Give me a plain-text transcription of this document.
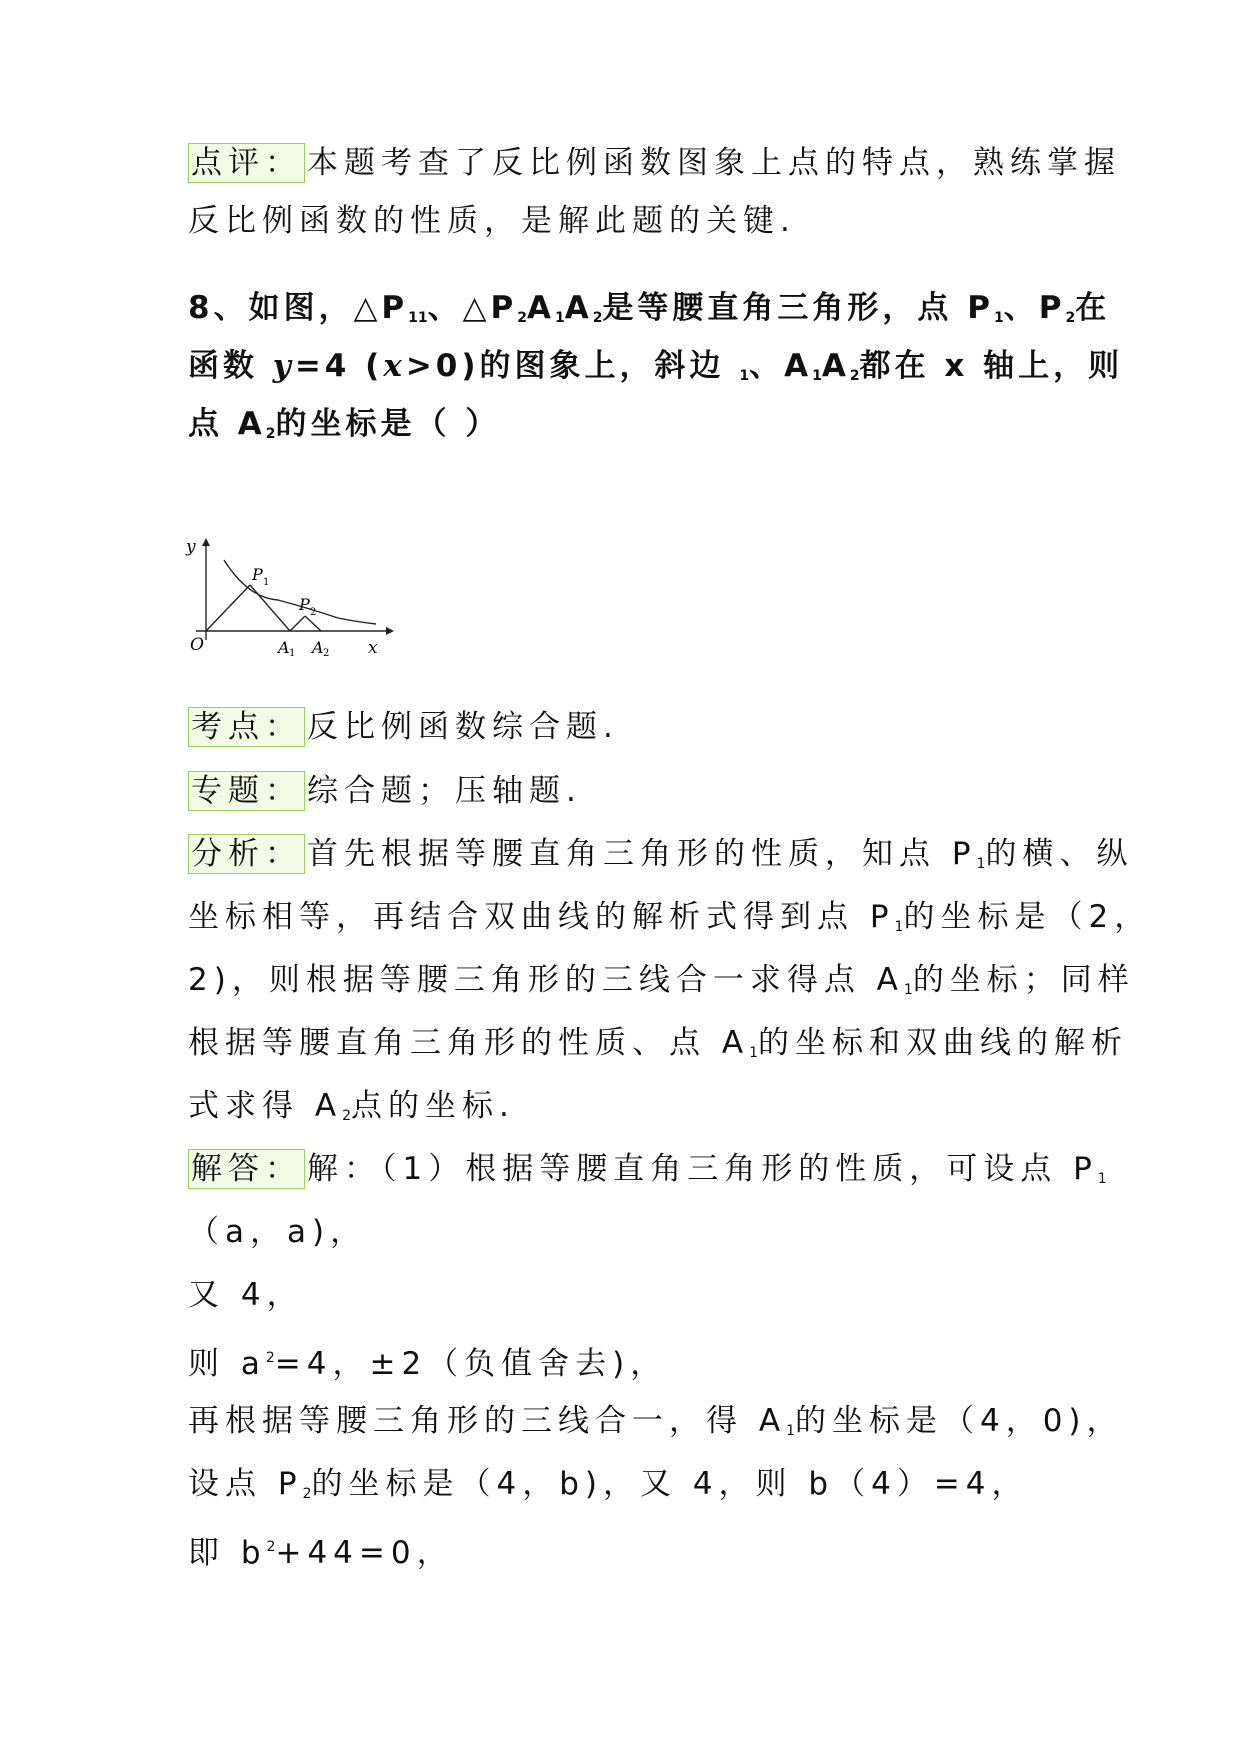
点评： 本题考查了反比例函数图象上点的特点，熟练掌握
反比例函数的性质，是解此题的关键.
8、如图，$\triangle P_{11}$、$\triangle P_2A_1A_2$是等腰直角三角形，点 $P_1$、$P_2$在
函数 y=4 (x>0)的图象上，斜边 $_1$、$A_1A_2$都在 x 轴上，则
点 $A_2$的坐标是（ ）
y
x
O
P 1
P 2
A 1 A 2
考点： 反比例函数综合题.
专题： 综合题；压轴题.
分析： 首先根据等腰直角三角形的性质，知点 $P_1$的横、纵
坐标相等，再结合双曲线的解析式得到点 $P_1$的坐标是（2，
2)，则根据等腰三角形的三线合一求得点 $A_1$的坐标；同样
根据等腰直角三角形的性质、点 $A_1$的坐标和双曲线的解析
式求得 $A_2$点的坐标.
解答： 解：（1）根据等腰直角三角形的性质，可设点 $P_1$
（a，a)，
又 4，
则 $a^2=4$，±2（负值舍去)，
再根据等腰三角形的三线合一，得 $A_1$的坐标是（4，0)，
设点 $P_2$的坐标是（4，b)，又 4，则 b（4）=4，
即 $b^2+44=0$，
